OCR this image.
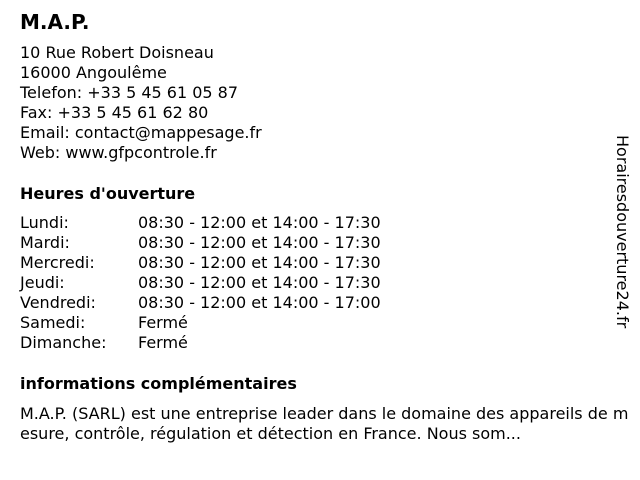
M.A.P.
10 Rue Robert Doisneau
16000 Angoulême
Telefon: +33 5 45 61 05 87
Fax: +33 5 45 61 62 80
Email: contact@mappesage.fr
Web: www.gfpcontrole.fr
Heures d'ouverture
Lundi:	08:30 - 12:00 et 14:00 - 17:30
Mardi:	08:30 - 12:00 et 14:00 - 17:30
Mercredi:	08:30 - 12:00 et 14:00 - 17:30
Jeudi:	08:30 - 12:00 et 14:00 - 17:30
Vendredi:	08:30 - 12:00 et 14:00 - 17:00
Samedi:	Fermé
Dimanche:	Fermé
informations complémentaires
M.A.P. (SARL) est une entreprise leader dans le domaine des appareils de mesure, contrôle, régulation et détection en France. Nous som...
Horairesdouverture24.fr
